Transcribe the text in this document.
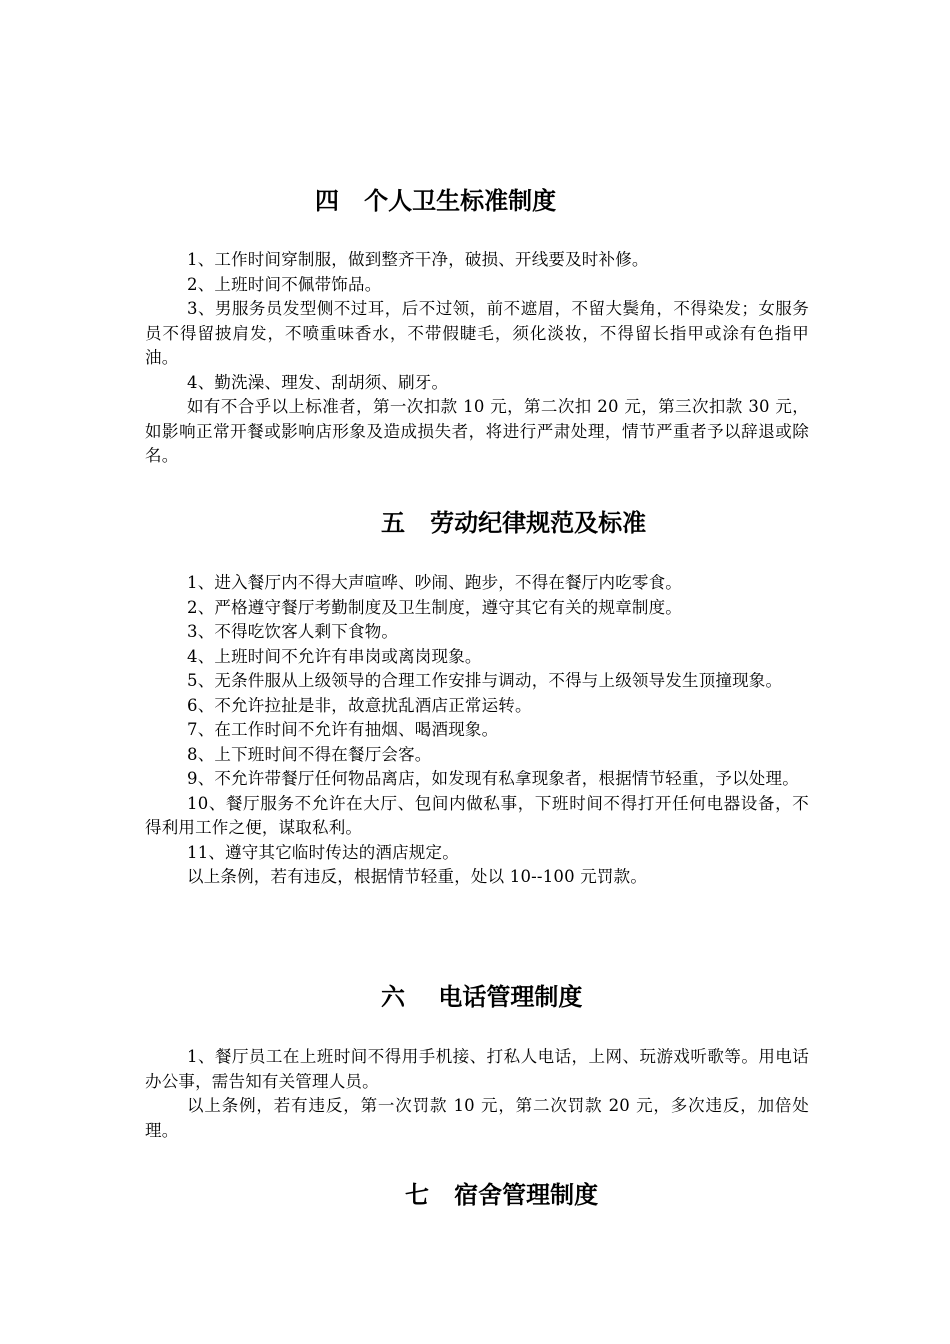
四   个人卫生标准制度

1、工作时间穿制服，做到整齐干净，破损、开线要及时补修。

2、上班时间不佩带饰品。

3、男服务员发型侧不过耳，后不过领，前不遮眉，不留大鬓角，不得染发；女服务员不得留披肩发，不喷重味香水，不带假睫毛，须化淡妆，不得留长指甲或涂有色指甲油。

4、勤洗澡、理发、刮胡须、刷牙。

如有不合乎以上标准者，第一次扣款 10 元，第二次扣 20 元，第三次扣款 30 元，如影响正常开餐或影响店形象及造成损失者，将进行严肃处理，情节严重者予以辞退或除名。

五   劳动纪律规范及标准

1、进入餐厅内不得大声喧哗、吵闹、跑步，不得在餐厅内吃零食。

2、严格遵守餐厅考勤制度及卫生制度，遵守其它有关的规章制度。

3、不得吃饮客人剩下食物。

4、上班时间不允许有串岗或离岗现象。

5、无条件服从上级领导的合理工作安排与调动，不得与上级领导发生顶撞现象。

6、不允许拉扯是非，故意扰乱酒店正常运转。

7、在工作时间不允许有抽烟、喝酒现象。

8、上下班时间不得在餐厅会客。

9、不允许带餐厅任何物品离店，如发现有私拿现象者，根据情节轻重，予以处理。

10、餐厅服务不允许在大厅、包间内做私事，下班时间不得打开任何电器设备，不得利用工作之便，谋取私利。

11、遵守其它临时传达的酒店规定。

以上条例，若有违反，根据情节轻重，处以 10--100 元罚款。

六    电话管理制度

1、餐厅员工在上班时间不得用手机接、打私人电话，上网、玩游戏听歌等。用电话办公事，需告知有关管理人员。

以上条例，若有违反，第一次罚款 10 元，第二次罚款 20 元，多次违反，加倍处理。

七   宿舍管理制度
